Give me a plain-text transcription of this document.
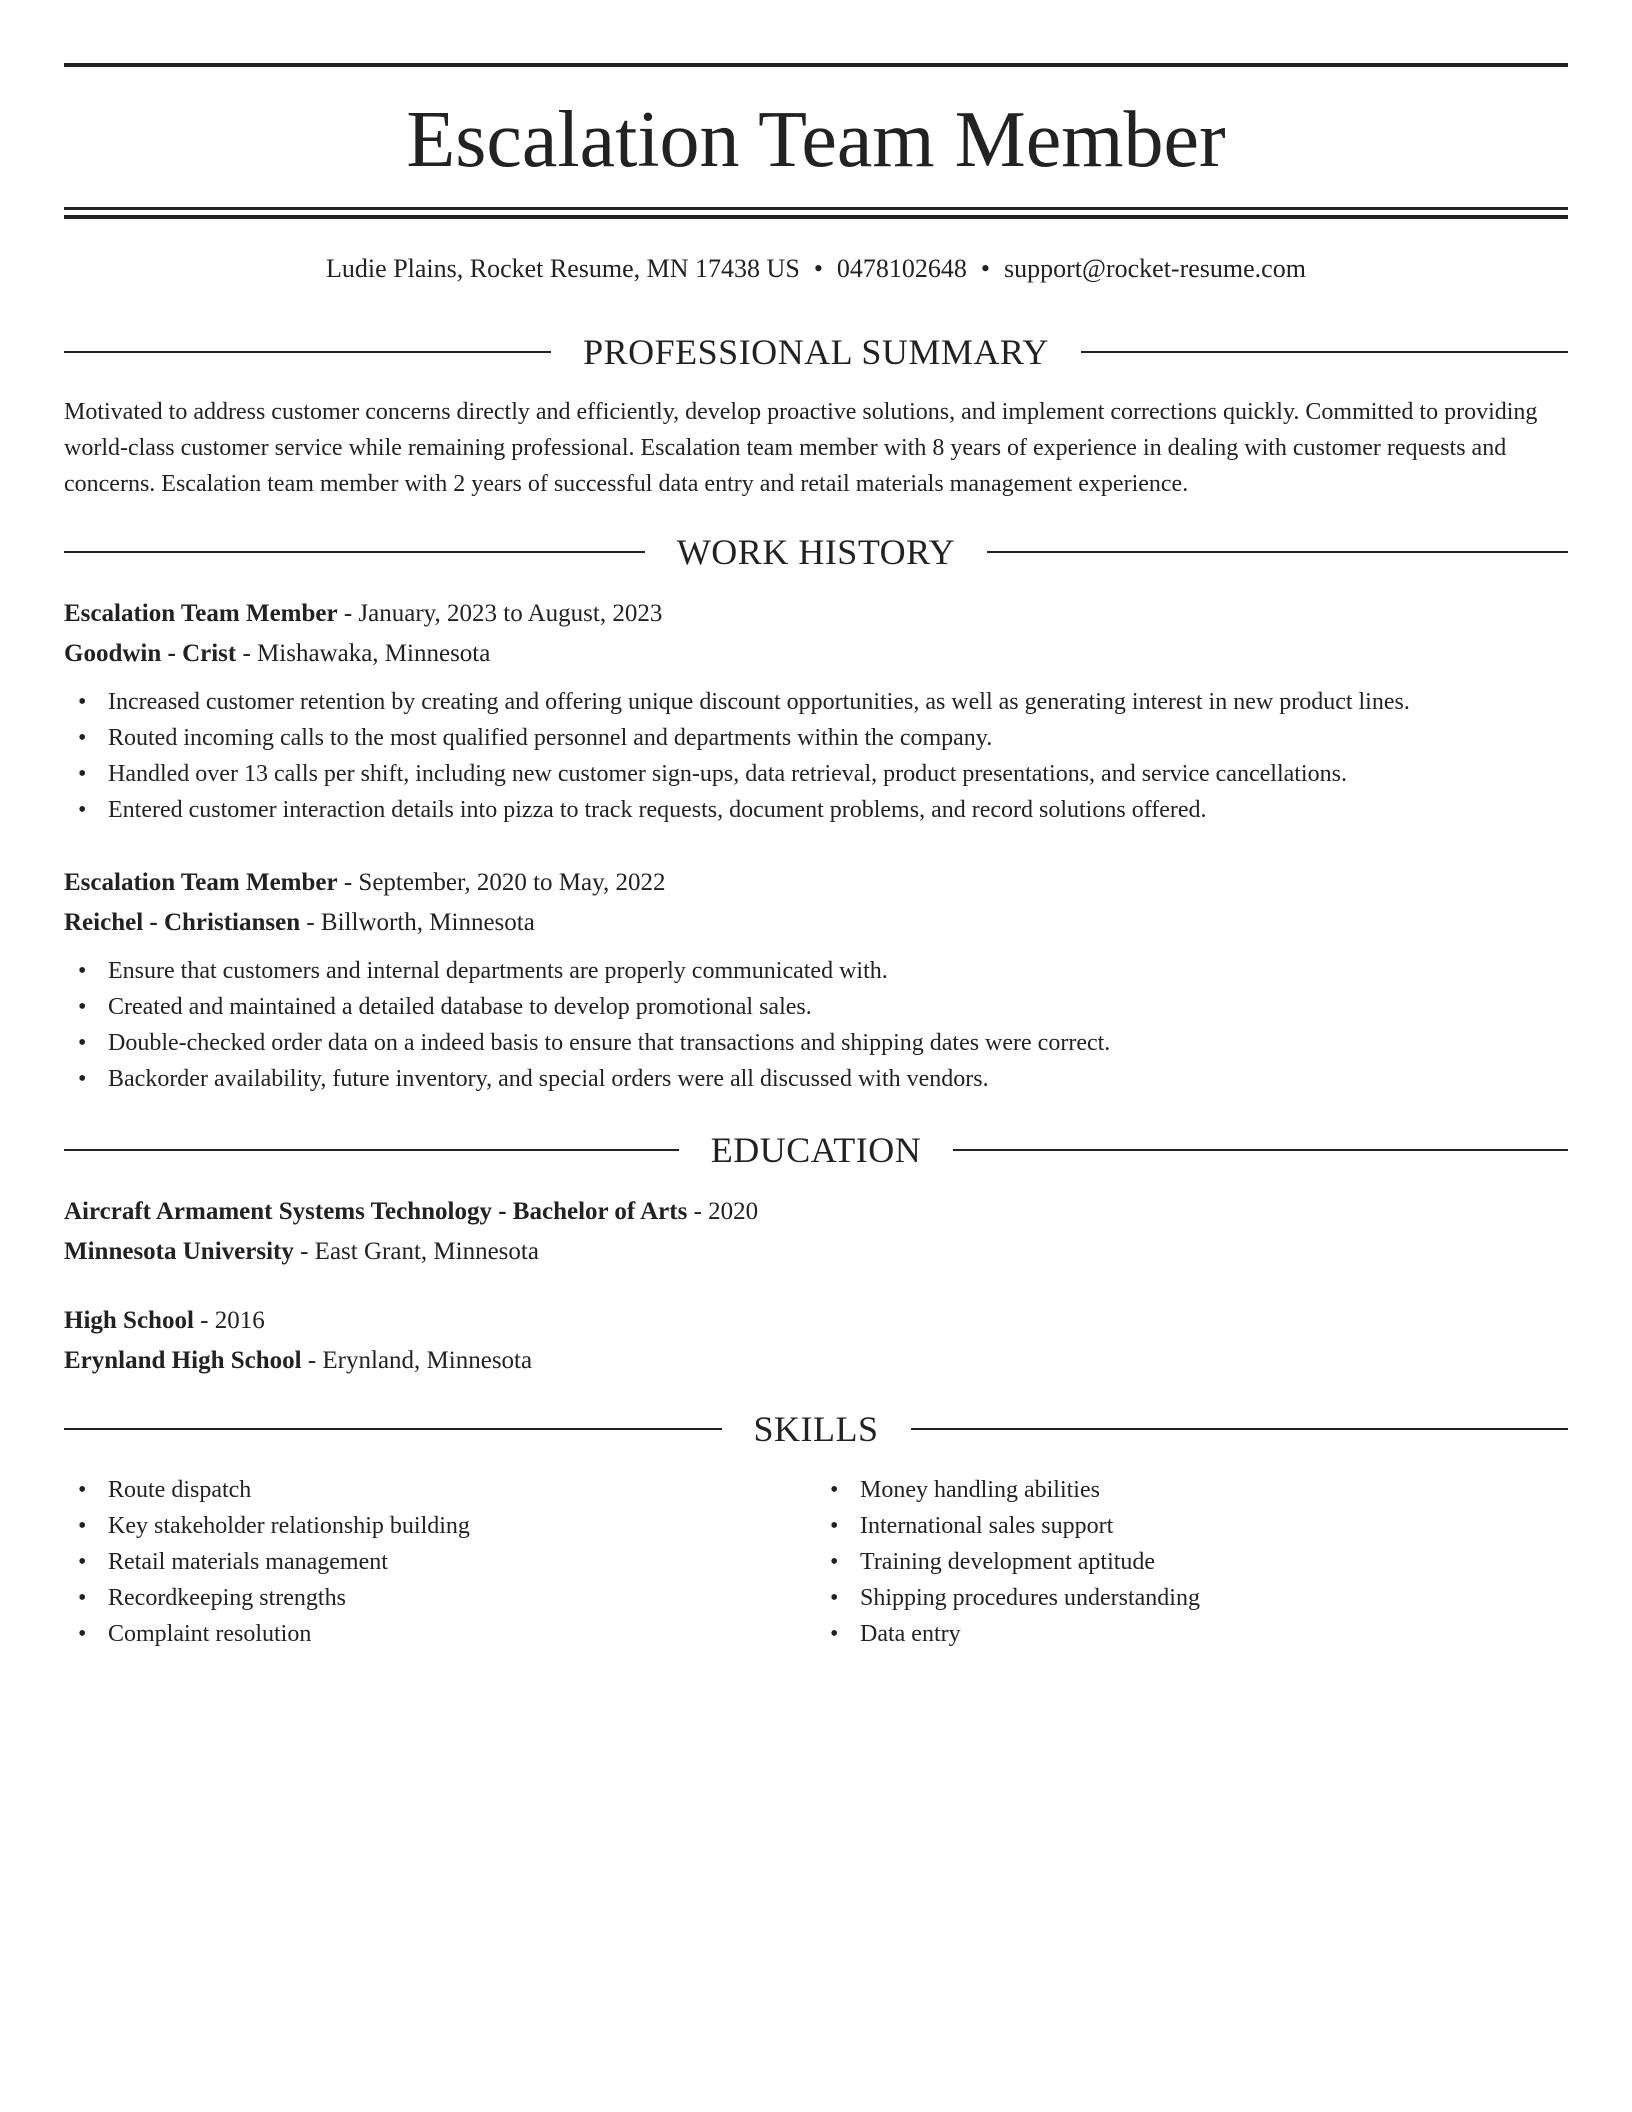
Escalation Team Member
Ludie Plains, Rocket Resume, MN 17438 US • 0478102648 • support@rocket-resume.com
PROFESSIONAL SUMMARY

Motivated to address customer concerns directly and efficiently, develop proactive solutions, and implement corrections quickly. Committed to providing world-class customer service while remaining professional. Escalation team member with 8 years of experience in dealing with customer requests and concerns. Escalation team member with 2 years of successful data entry and retail materials management experience.

WORK HISTORY

Escalation Team Member - January, 2023 to August, 2023

Goodwin - Crist - Mishawaka, Minnesota

• Increased customer retention by creating and offering unique discount opportunities, as well as generating interest in new product lines.
• Routed incoming calls to the most qualified personnel and departments within the company.
• Handled over 13 calls per shift, including new customer sign-ups, data retrieval, product presentations, and service cancellations.
• Entered customer interaction details into pizza to track requests, document problems, and record solutions offered.

Escalation Team Member - September, 2020 to May, 2022

Reichel - Christiansen - Billworth, Minnesota

• Ensure that customers and internal departments are properly communicated with.
• Created and maintained a detailed database to develop promotional sales.
• Double-checked order data on a indeed basis to ensure that transactions and shipping dates were correct.
• Backorder availability, future inventory, and special orders were all discussed with vendors.
EDUCATION

Aircraft Armament Systems Technology - Bachelor of Arts - 2020

Minnesota University - East Grant, Minnesota

High School - 2016

Erynland High School - Erynland, Minnesota

SKILLS
• Route dispatch
• Key stakeholder relationship building
• Retail materials management
• Recordkeeping strengths
• Complaint resolution
• Money handling abilities
• International sales support
• Training development aptitude
• Shipping procedures understanding
• Data entry
